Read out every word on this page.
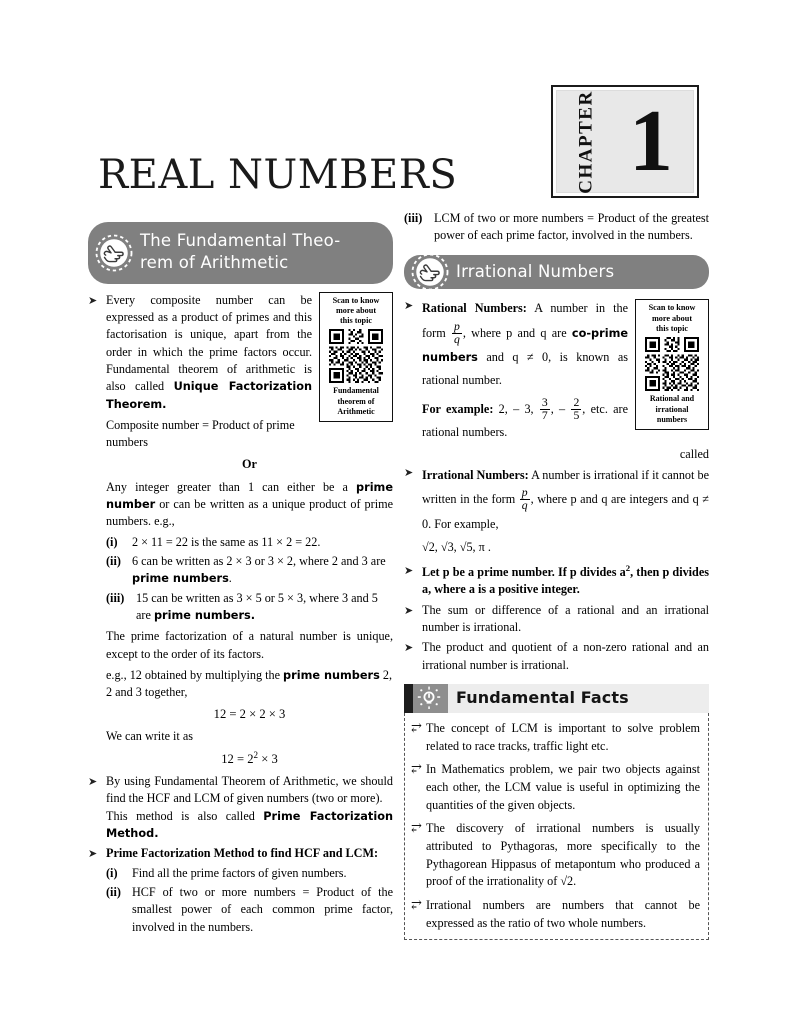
CHAPTER 1
REAL NUMBERS
The Fundamental Theo-
rem of Arithmetic
Scan to know
more about
this topic
Fundamental
theorem of
Arithmetic
➤ Every composite number can be expressed as a product of primes and this factorisation is unique, apart from the order in which the prime factors occur. Fundamental theorem of arithmetic is also called Unique Factorization Theorem.
Composite number = Product of prime numbers
Or
Any integer greater than 1 can either be a prime number or can be written as a unique product of prime numbers. e.g.,
(i)	2 × 11 = 22 is the same as 11 × 2 = 22.
(ii) 6 can be written as 2 × 3 or 3 × 2, where 2 and 3 are prime numbers.
(iii) 15 can be written as 3 × 5 or 5 × 3, where 3 and 5 are prime numbers.
The prime factorization of a natural number is unique, except to the order of its factors.
e.g., 12 obtained by multiplying the prime numbers 2, 2 and 3 together,
12 = 2 × 2 × 3
We can write it as
$12 = 2^2 \times 3$
➤ By using Fundamental Theorem of Arithmetic, we should find the HCF and LCM of given numbers (two or more).
This method is also called Prime Factorization Method.
➤ Prime Factorization Method to find HCF and LCM:
(i)	Find all the prime factors of given numbers.
(ii) HCF of two or more numbers = Product of the smallest power of each common prime factor, involved in the numbers.
(iii) LCM of two or more numbers = Product of the greatest power of each prime factor, involved in the numbers.
Irrational Numbers
Scan to know
more about
this topic
Rational and
irrational
numbers
➤ Rational Numbers: A number in the form $\frac{p}{q}$ , where p and q are co-prime numbers and q ≠ 0, is known as rational number.
For example: 2, – 3, $\frac{3}{7}$ , – $\frac{2}{5}$ , etc. are rational numbers.
called
➤ Irrational Numbers: A number is irrational if it cannot be written in the form $\frac{p}{q}$ , where p and q are integers and q ≠ 0. For example,
√2, √3, √5, π .
➤ Let p be a prime number. If p divides $a^2$, then p divides a, where a is a positive integer.
➤ The sum or difference of a rational and an irrational number is irrational.
➤ The product and quotient of a non-zero rational and an irrational number is irrational.
Fundamental Facts
⥂ The concept of LCM is important to solve problem related to race tracks, traffic light etc.
⥂ In Mathematics problem, we pair two objects against each other, the LCM value is useful in optimizing the quantities of the given objects.
⥂ The discovery of irrational numbers is usually attributed to Pythagoras, more specifically to the Pythagorean Hippasus of metapontum who produced a proof of the irrationality of √2.
⥂ Irrational numbers are numbers that cannot be expressed as the ratio of two whole numbers.
